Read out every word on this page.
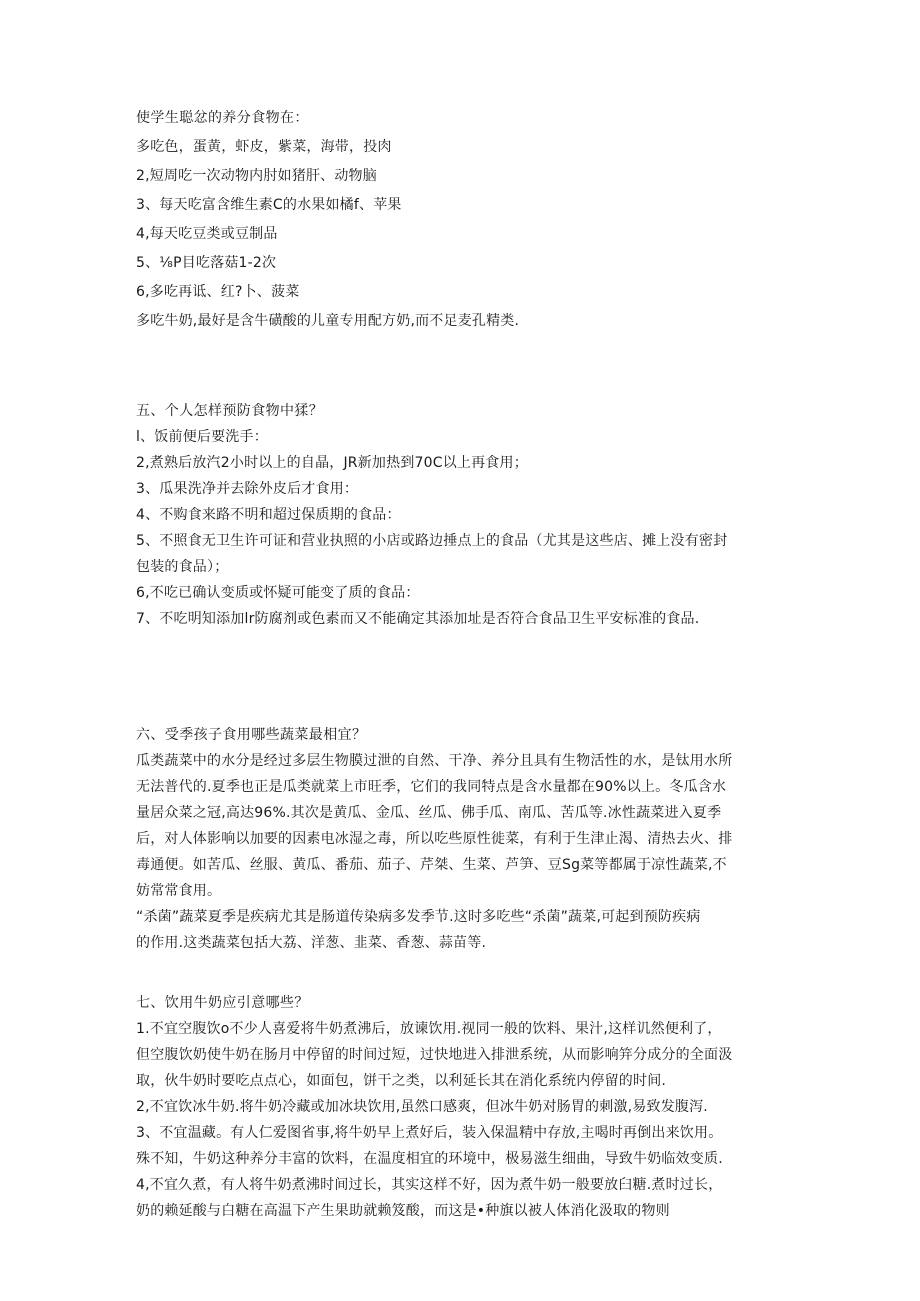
使学生聪忿的养分食物在：
多吃色，蛋黄，虾皮，紫菜，海带，投肉
2,短周吃一次动物内肘如猪肝、动物脑
3、每天吃富含维生素C的水果如橘f、苹果
4,每天吃豆类或豆制品
5、⅛P目吃落菇1-2次
6,多吃再诋、红?卜、菠菜
多吃牛奶,最好是含牛磺酸的儿童专用配方奶,而不足麦孔精类.
五、个人怎样预防食物中猱？
l、饭前便后要洗手：
2,煮熟后放汽2小时以上的自晶，JR新加热到70C以上再食用；
3、瓜果洗净并去除外皮后才食用：
4、不购食来路不明和超过保质期的食品：
5、不照食无卫生许可证和营业执照的小店或路边捶点上的食品（尤其是这些店、摊上没有密封
包装的食品）；
6,不吃已确认变质或怀疑可能变了质的食品：
7、不吃明知添加lr防腐剂或色素而又不能确定其添加址是否符合食品卫生平安标准的食品.
六、受季孩子食用哪些蔬菜最相宜？
瓜类蔬菜中的水分是经过多层生物膜过泄的自然、干净、养分且具有生物活性的水，是钛用水所
无法普代的.夏季也正是瓜类就菜上市旺季，它们的我同特点是含水量都在90%以上。冬瓜含水
量居众菜之冠,高达96%.其次是黄瓜、金瓜、丝瓜、佛手瓜、南瓜、苦瓜等.冰性蔬菜进入夏季
后，对人体影响以加要的因素电冰湿之毒，所以吃些原性徙菜，有利于生津止渴、清热去火、排
毒通便。如苦瓜、丝服、黄瓜、番茄、茄子、芹桀、生菜、芦笋、豆Sg菜等都属于凉性蔬菜,不
妨常常食用。
“杀菌”蔬菜夏季是疾病尤其是肠道传染病多发季节.这时多吃些“杀菌”蔬菜,可起到预防疾病
的作用.这类蔬菜包括大荔、洋葱、韭菜、香葱、蒜苗等.
七、饮用牛奶应引意哪些？
1.不宜空腹饮o不少人喜爱将牛奶煮沸后，放谏饮用.视同一般的饮料、果汁,这样讥然便利了，
但空腹饮奶使牛奶在肠月中停留的时间过短，过快地进入排泄系统，从而影响笄分成分的全面汲
取，伙牛奶时要吃点点心，如面包，饼干之类，以利延长其在消化系统内停留的时间.
2,不宜饮冰牛奶.将牛奶冷藏或加冰块饮用,虽然口感爽，但冰牛奶对肠胃的刺激,易致发腹泻.
3、不宜温藏。有人仁爱图省事,将牛奶早上煮好后，装入保温精中存放,主喝时再倒出来饮用。
殊不知，牛奶这种养分丰富的饮料，在温度相宜的环境中，极易滋生细曲，导致牛奶临效变质.
4,不宜久煮，有人将牛奶煮沸时间过长，其实这样不好，因为煮牛奶一般要放臼糖.煮时过长，
奶的赖延酸与白糖在高温下产生果助就赖笈酸，而这是•种旗以被人体消化汲取的物则
